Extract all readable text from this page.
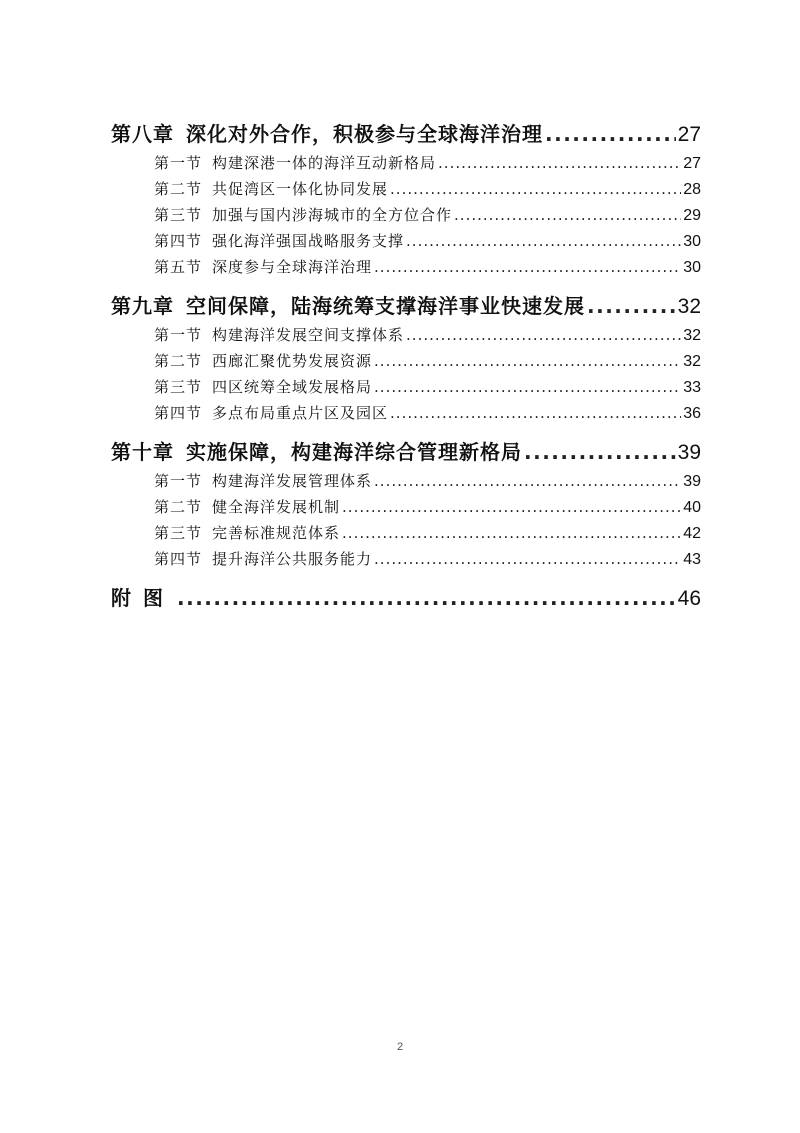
第八章 深化对外合作，积极参与全球海洋治理 .....	27
第一节 构建深港一体的海洋互动新格局 .....	27
第二节 共促湾区一体化协同发展 .....	28
第三节 加强与国内涉海城市的全方位合作 .....	29
第四节 强化海洋强国战略服务支撑 .....	30
第五节 深度参与全球海洋治理 .....	30
第九章 空间保障，陆海统筹支撑海洋事业快速发展 .....	32
第一节 构建海洋发展空间支撑体系 .....	32
第二节 西廊汇聚优势发展资源 .....	32
第三节 四区统筹全域发展格局 .....	33
第四节 多点布局重点片区及园区 .....	36
第十章 实施保障，构建海洋综合管理新格局 .....	39
第一节 构建海洋发展管理体系 .....	39
第二节 健全海洋发展机制 .....	40
第三节 完善标准规范体系 .....	42
第四节 提升海洋公共服务能力 .....	43
附图 .....	46
2
